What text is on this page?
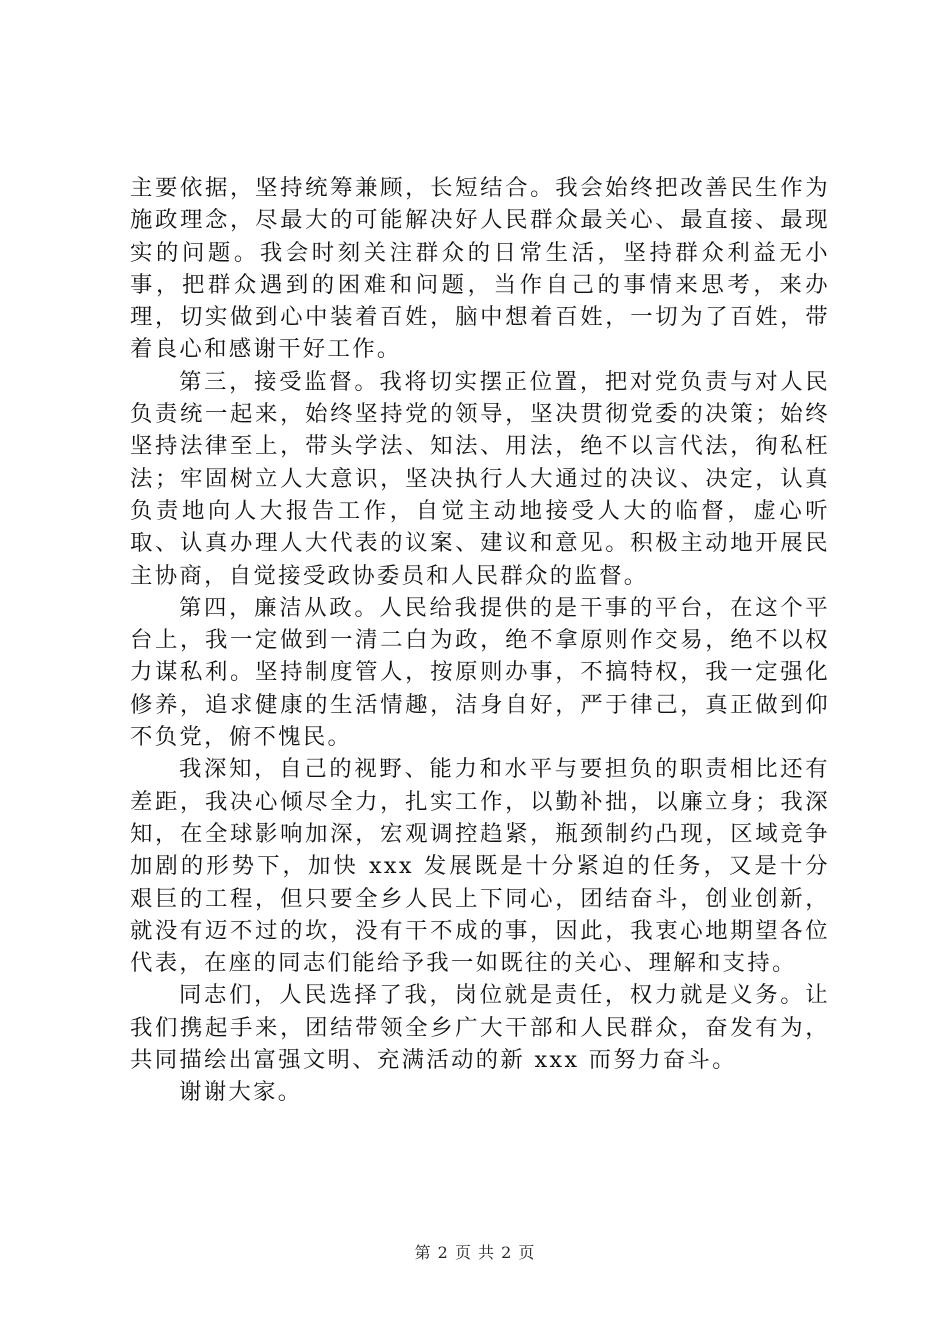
主要依据，坚持统筹兼顾，长短结合。我会始终把改善民生作为施政理念，尽最大的可能解决好人民群众最关心、最直接、最现实的问题。我会时刻关注群众的日常生活，坚持群众利益无小事，把群众遇到的困难和问题，当作自己的事情来思考，来办理，切实做到心中装着百姓，脑中想着百姓，一切为了百姓，带着良心和感谢干好工作。

第三，接受监督。我将切实摆正位置，把对党负责与对人民负责统一起来，始终坚持党的领导，坚决贯彻党委的决策；始终坚持法律至上，带头学法、知法、用法，绝不以言代法，徇私枉法；牢固树立人大意识，坚决执行人大通过的决议、决定，认真负责地向人大报告工作，自觉主动地接受人大的临督，虚心听取、认真办理人大代表的议案、建议和意见。积极主动地开展民主协商，自觉接受政协委员和人民群众的监督。

第四，廉洁从政。人民给我提供的是干事的平台，在这个平台上，我一定做到一清二白为政，绝不拿原则作交易，绝不以权力谋私利。坚持制度管人，按原则办事，不搞特权，我一定强化修养，追求健康的生活情趣，洁身自好，严于律己，真正做到仰不负党，俯不愧民。

我深知，自己的视野、能力和水平与要担负的职责相比还有差距，我决心倾尽全力，扎实工作，以勤补拙，以廉立身；我深知，在全球影响加深，宏观调控趋紧，瓶颈制约凸现，区域竞争加剧的形势下，加快 xxx 发展既是十分紧迫的任务，又是十分艰巨的工程，但只要全乡人民上下同心，团结奋斗，创业创新，就没有迈不过的坎，没有干不成的事，因此，我衷心地期望各位代表，在座的同志们能给予我一如既往的关心、理解和支持。

同志们，人民选择了我，岗位就是责任，权力就是义务。让我们携起手来，团结带领全乡广大干部和人民群众，奋发有为，共同描绘出富强文明、充满活动的新 xxx 而努力奋斗。

谢谢大家。

第 2 页 共 2 页
